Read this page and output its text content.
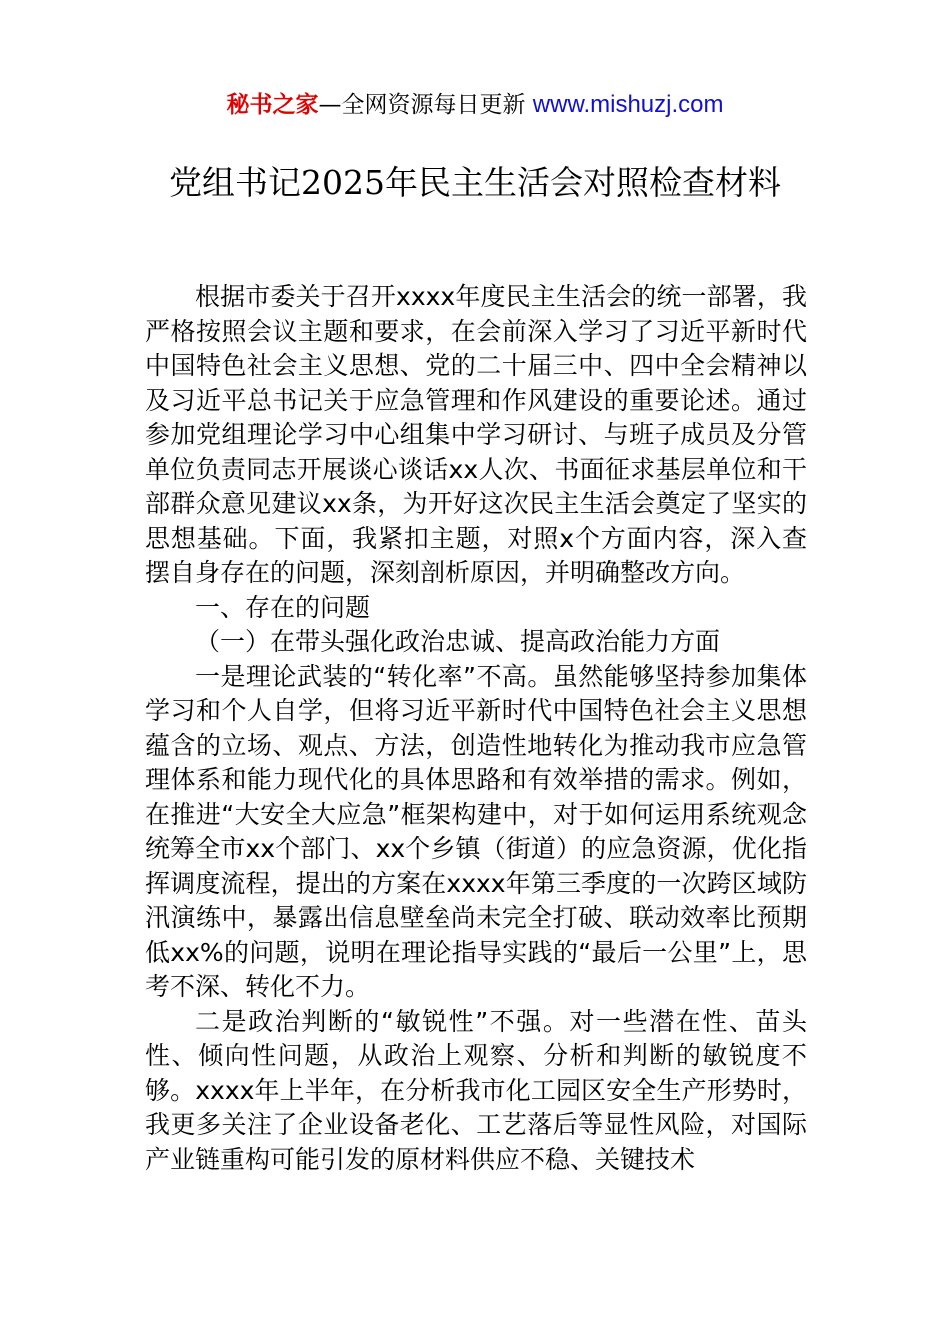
秘书之家—全网资源每日更新 www.mishuzj.com
党组书记2025年民主生活会对照检查材料

根据市委关于召开xxxx年度民主生活会的统一部署，我严格按照会议主题和要求，在会前深入学习了习近平新时代中国特色社会主义思想、党的二十届三中、四中全会精神以及习近平总书记关于应急管理和作风建设的重要论述。通过参加党组理论学习中心组集中学习研讨、与班子成员及分管单位负责同志开展谈心谈话xx人次、书面征求基层单位和干部群众意见建议xx条，为开好这次民主生活会奠定了坚实的思想基础。下面，我紧扣主题，对照x个方面内容，深入查摆自身存在的问题，深刻剖析原因，并明确整改方向。

一、存在的问题

（一）在带头强化政治忠诚、提高政治能力方面

一是理论武装的“转化率”不高。虽然能够坚持参加集体学习和个人自学，但将习近平新时代中国特色社会主义思想蕴含的立场、观点、方法，创造性地转化为推动我市应急管理体系和能力现代化的具体思路和有效举措的需求。例如，在推进“大安全大应急”框架构建中，对于如何运用系统观念统筹全市xx个部门、xx个乡镇（街道）的应急资源，优化指挥调度流程，提出的方案在xxxx年第三季度的一次跨区域防汛演练中，暴露出信息壁垒尚未完全打破、联动效率比预期低xx%的问题，说明在理论指导实践的“最后一公里”上，思考不深、转化不力。

二是政治判断的“敏锐性”不强。对一些潜在性、苗头性、倾向性问题，从政治上观察、分析和判断的敏锐度不够。xxxx年上半年，在分析我市化工园区安全生产形势时，我更多关注了企业设备老化、工艺落后等显性风险，对国际产业链重构可能引发的原材料供应不稳、关键技术
